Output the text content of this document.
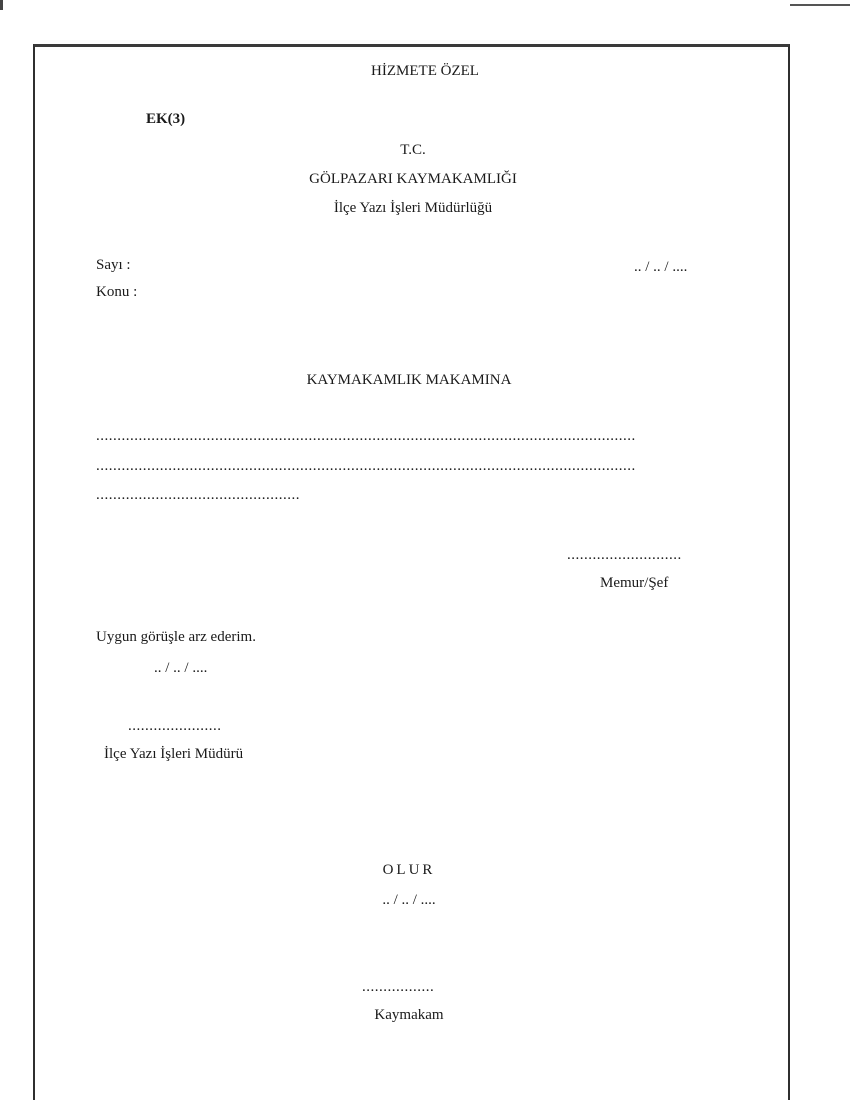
HİZMETE ÖZEL
EK(3)
T.C.
GÖLPAZARI KAYMAKAMLIĞI
İlçe Yazı İşleri Müdürlüğü
Sayı :	.. / .. / ....
Konu :
KAYMAKAMLIK MAKAMINA
...............................................................................................................................
...............................................................................................................................
................................................
...........................
Memur/Şef
Uygun görüşle arz ederim.
.. / .. / ....
......................
İlçe Yazı İşleri Müdürü
OLUR
.. / .. / ....
.................
Kaymakam
